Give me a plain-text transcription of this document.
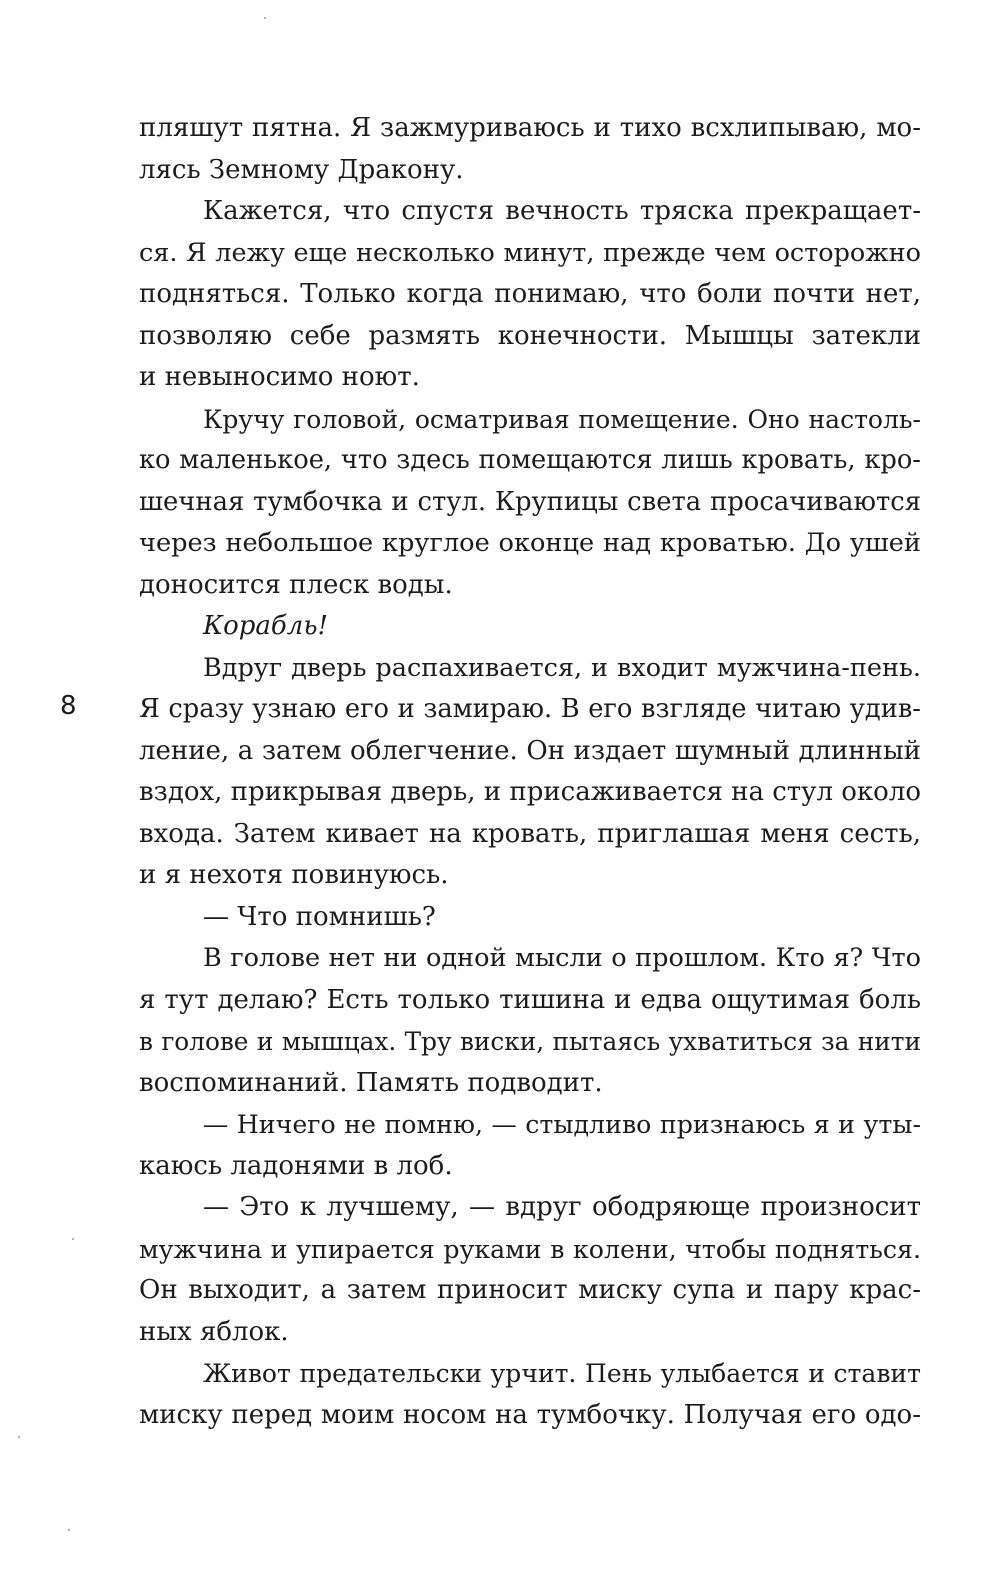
8
пляшут пятна. Я зажмуриваюсь и тихо всхлипываю, мо-
лясь Земному Дракону.
Кажется, что спустя вечность тряска прекращает-
ся. Я лежу еще несколько минут, прежде чем осторожно
подняться. Только когда понимаю, что боли почти нет,
позволяю себе размять конечности. Мышцы затекли
и невыносимо ноют.
Кручу головой, осматривая помещение. Оно настоль-
ко маленькое, что здесь помещаются лишь кровать, кро-
шечная тумбочка и стул. Крупицы света просачиваются
через небольшое круглое оконце над кроватью. До ушей
доносится плеск воды.
Корабль!
Вдруг дверь распахивается, и входит мужчина-пень.
Я сразу узнаю его и замираю. В его взгляде читаю удив-
ление, а затем облегчение. Он издает шумный длинный
вздох, прикрывая дверь, и присаживается на стул около
входа. Затем кивает на кровать, приглашая меня сесть,
и я нехотя повинуюсь.
— Что помнишь?
В голове нет ни одной мысли о прошлом. Кто я? Что
я тут делаю? Есть только тишина и едва ощутимая боль
в голове и мышцах. Тру виски, пытаясь ухватиться за нити
воспоминаний. Память подводит.
— Ничего не помню, — стыдливо признаюсь я и уты-
каюсь ладонями в лоб.
— Это к лучшему, — вдруг ободряюще произносит
мужчина и упирается руками в колени, чтобы подняться.
Он выходит, а затем приносит миску супа и пару крас-
ных яблок.
Живот предательски урчит. Пень улыбается и ставит
миску перед моим носом на тумбочку. Получая его одо-
